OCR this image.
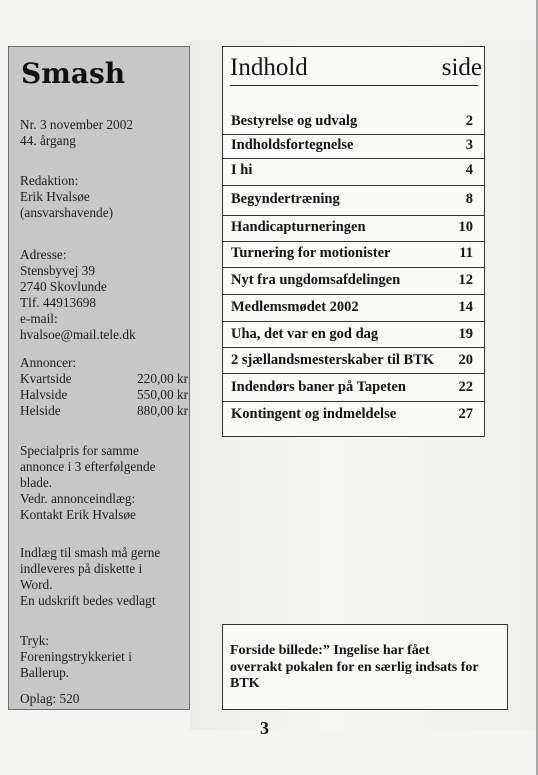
Smash
Nr. 3 november 2002
44. årgang
Redaktion:
Erik Hvalsøe
(ansvarshavende)
Adresse:
Stensbyvej 39
2740 Skovlunde
Tlf. 44913698
e-mail:
hvalsoe@mail.tele.dk
Annoncer:
Kvartside	220,00 kr
Halvside	550,00 kr
Helside	880,00 kr
Specialpris for samme
annonce i 3 efterfølgende
blade.
Vedr. annonceindlæg:
Kontakt Erik Hvalsøe
Indlæg til smash må gerne
indleveres på diskette i
Word.
En udskrift bedes vedlagt
Tryk:
Foreningstrykkeriet i
Ballerup.
Oplag: 520
Indhold	side
Bestyrelse og udvalg	2
Indholdsfortegnelse	3
I hi	4
Begyndertræning	8
Handicapturneringen	10
Turnering for motionister	11
Nyt fra ungdomsafdelingen	12
Medlemsmødet 2002	14
Uha, det var en god dag	19
2 sjællandsmesterskaber til BTK 20
Indendørs baner på Tapeten	22
Kontingent og indmeldelse	27
Forside billede:” Ingelise har fået
overrakt pokalen for en særlig indsats for
BTK
3
